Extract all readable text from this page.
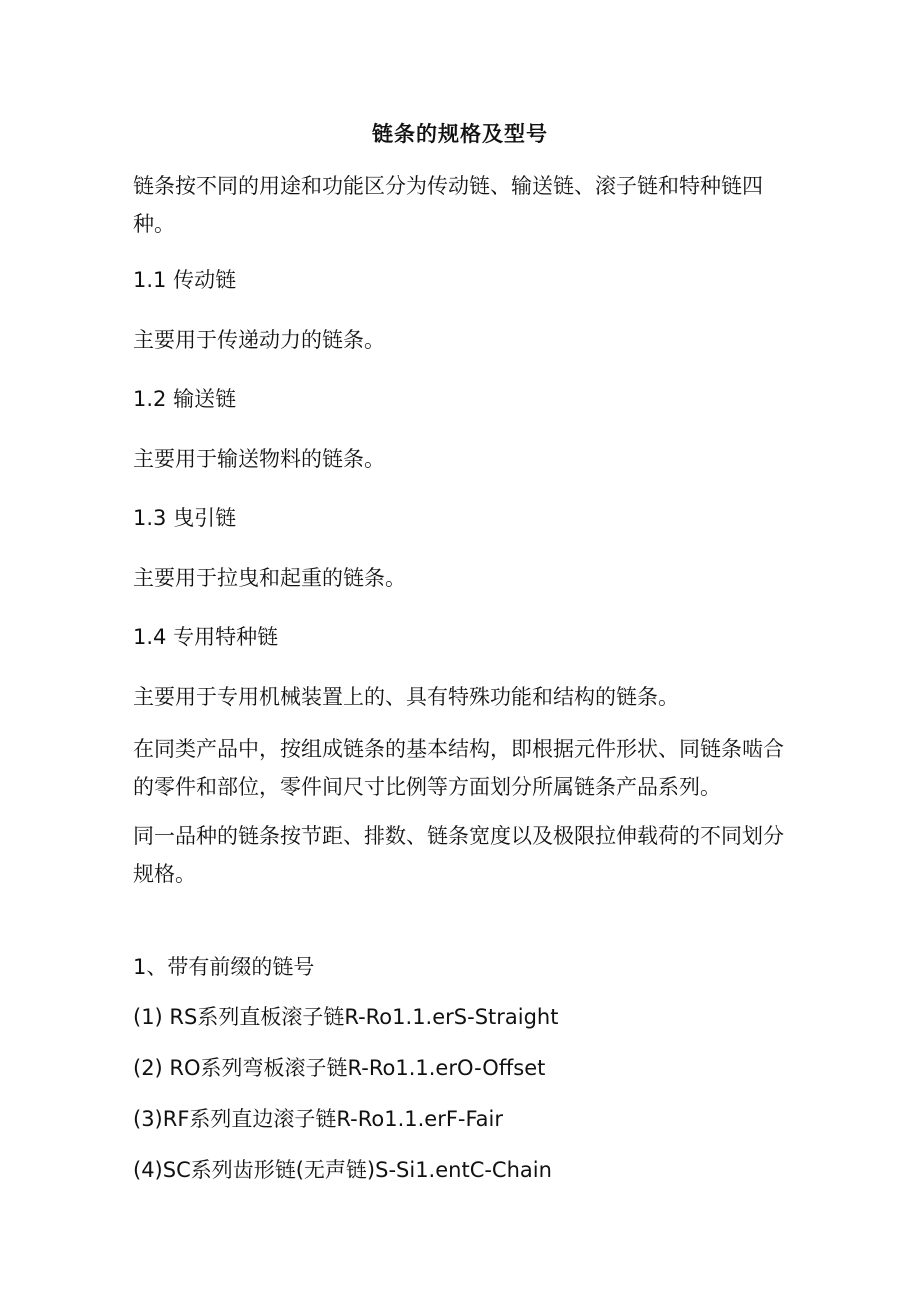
链条的规格及型号
链条按不同的用途和功能区分为传动链、输送链、滚子链和特种链四种。
1.1 传动链
主要用于传递动力的链条。
1.2 输送链
主要用于输送物料的链条。
1.3 曳引链
主要用于拉曳和起重的链条。
1.4 专用特种链
主要用于专用机械装置上的、具有特殊功能和结构的链条。
在同类产品中，按组成链条的基本结构，即根据元件形状、同链条啮合的零件和部位，零件间尺寸比例等方面划分所属链条产品系列。
同一品种的链条按节距、排数、链条宽度以及极限拉伸载荷的不同划分规格。
1、带有前缀的链号
(1) RS系列直板滚子链R-Ro1.1.erS-Straight
(2) RO系列弯板滚子链R-Ro1.1.erO-Offset
(3)RF系列直边滚子链R-Ro1.1.erF-Fair
(4)SC系列齿形链(无声链)S-Si1.entC-Chain
